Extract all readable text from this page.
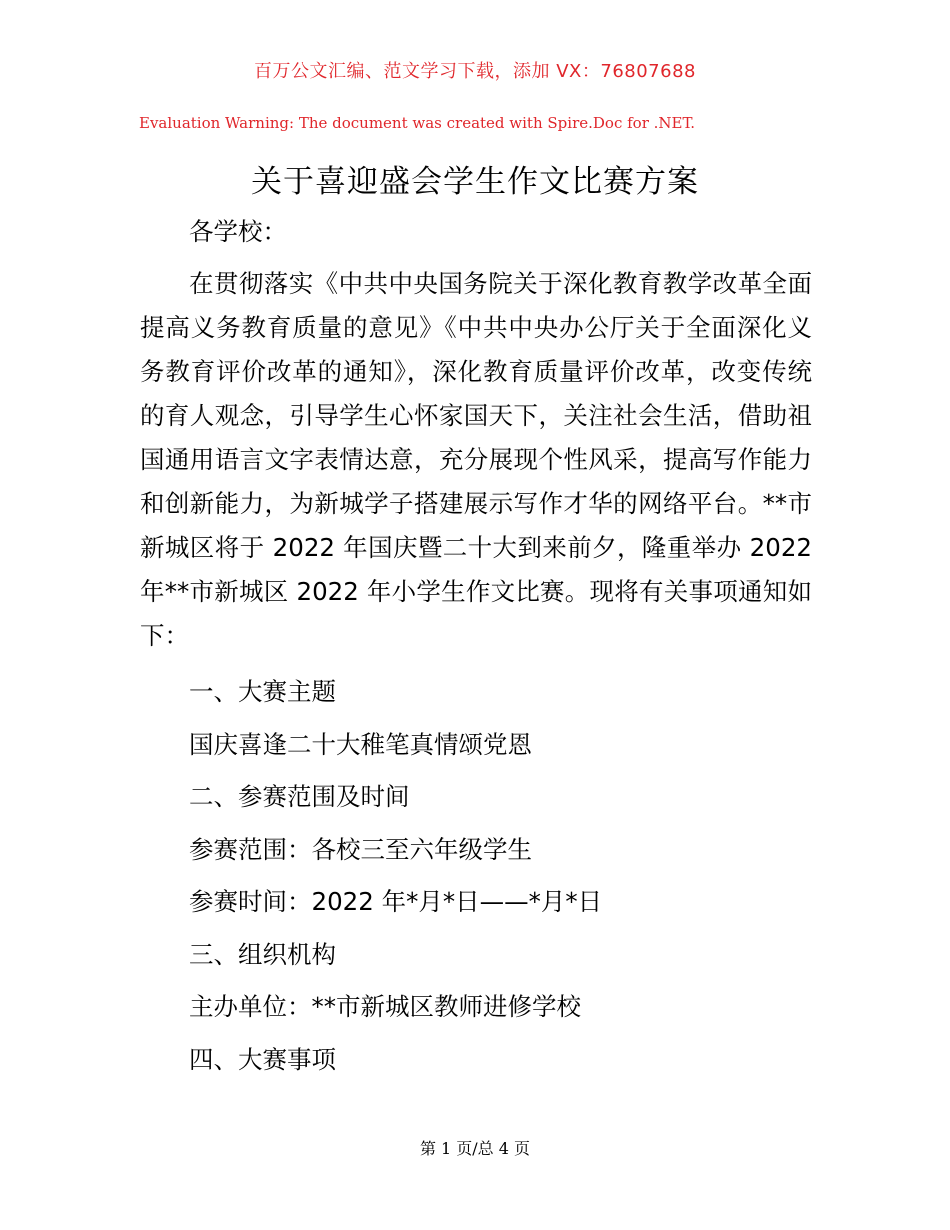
百万公文汇编、范文学习下载，添加 VX：76807688
Evaluation Warning: The document was created with Spire.Doc for .NET.
关于喜迎盛会学生作文比赛方案

各学校：

在贯彻落实《中共中央国务院关于深化教育教学改革全面提高义务教育质量的意见》《中共中央办公厅关于全面深化义务教育评价改革的通知》，深化教育质量评价改革，改变传统的育人观念，引导学生心怀家国天下，关注社会生活，借助祖国通用语言文字表情达意，充分展现个性风采，提高写作能力和创新能力，为新城学子搭建展示写作才华的网络平台。**市新城区将于 2022 年国庆暨二十大到来前夕，隆重举办 2022 年**市新城区 2022 年小学生作文比赛。现将有关事项通知如下：

一、大赛主题

国庆喜逢二十大稚笔真情颂党恩

二、参赛范围及时间

参赛范围：各校三至六年级学生

参赛时间：2022 年*月*日——*月*日

三、组织机构

主办单位：**市新城区教师进修学校

四、大赛事项

第 1 页/总 4 页
